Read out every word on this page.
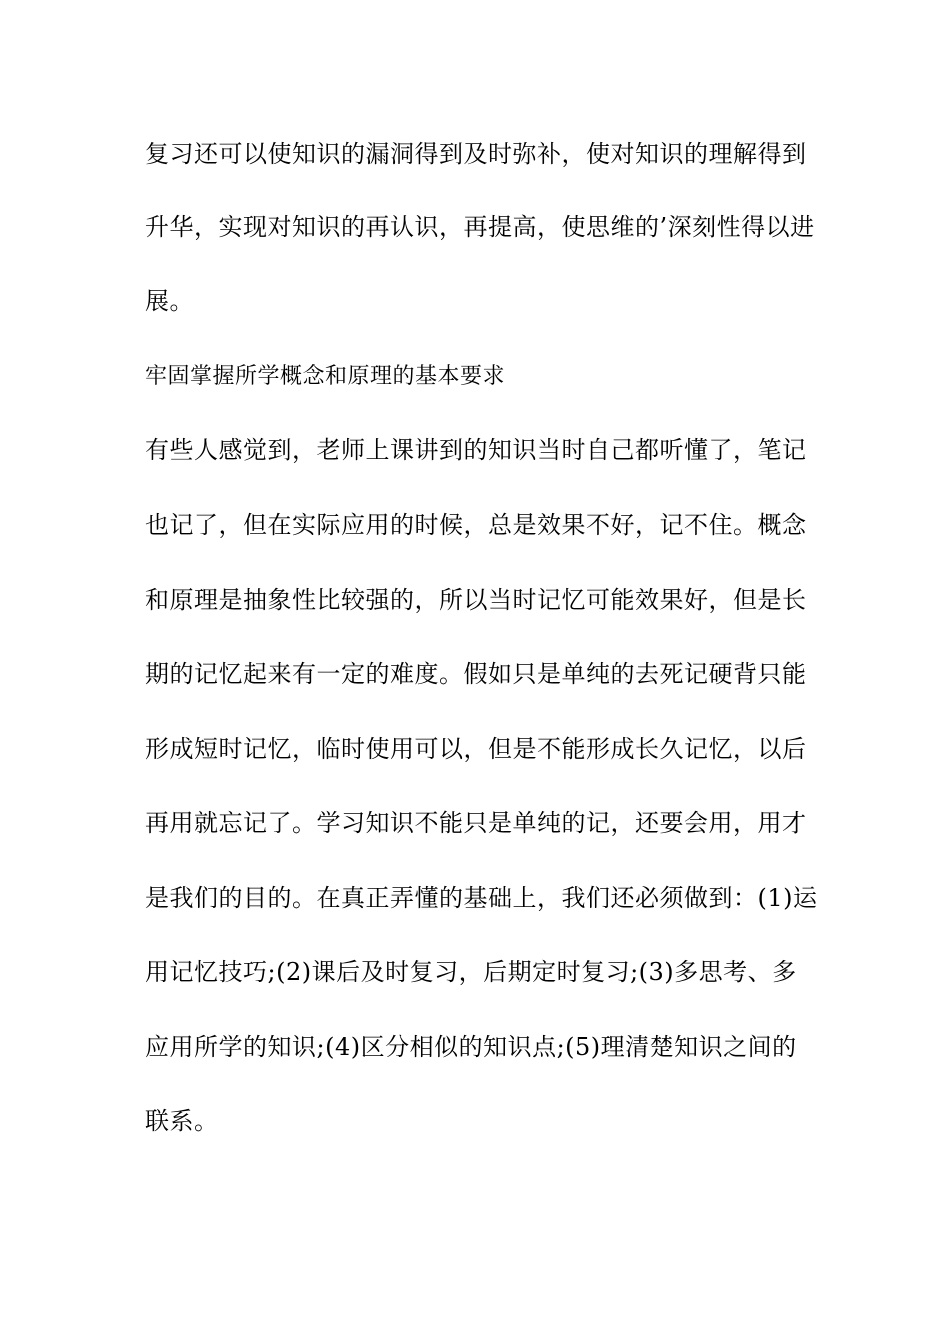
复习还可以使知识的漏洞得到及时弥补，使对知识的理解得到
升华，实现对知识的再认识，再提高，使思维的’深刻性得以进
展。
牢固掌握所学概念和原理的基本要求
有些人感觉到，老师上课讲到的知识当时自己都听懂了，笔记
也记了，但在实际应用的时候，总是效果不好，记不住。概念
和原理是抽象性比较强的，所以当时记忆可能效果好，但是长
期的记忆起来有一定的难度。假如只是单纯的去死记硬背只能
形成短时记忆，临时使用可以，但是不能形成长久记忆，以后
再用就忘记了。学习知识不能只是单纯的记，还要会用，用才
是我们的目的。在真正弄懂的基础上，我们还必须做到：(1)运
用记忆技巧;(2)课后及时复习，后期定时复习;(3)多思考、多
应用所学的知识;(4)区分相似的知识点;(5)理清楚知识之间的
联系。
